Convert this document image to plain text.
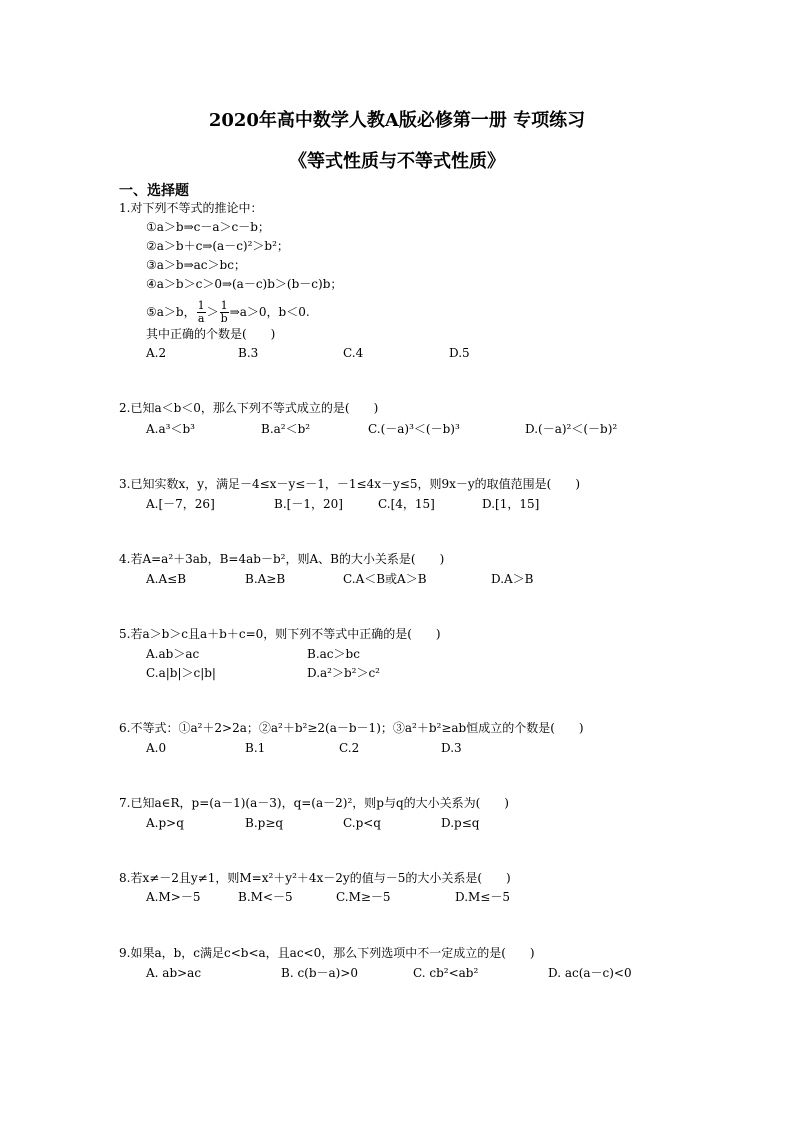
2020年高中数学人教A版必修第一册 专项练习
《等式性质与不等式性质》
一、选择题
1.对下列不等式的推论中：
①a＞b⇒c－a＞c－b；
②a＞b＋c⇒(a－c)²＞b²；
③a＞b⇒ac＞bc；
④a＞b＞c＞0⇒(a－c)b＞(b－c)b；
⑤a＞b， $\frac{1}{a} > \frac{1}{b}$ ⇒a＞0，b＜0.
其中正确的个数是(　　)
A.2	B.3	C.4	D.5
2.已知a＜b＜0，那么下列不等式成立的是(　　)
A.a³＜b³	B.a²＜b²	C.(－a)³＜(－b)³	D.(－a)²＜(－b)²
3.已知实数x，y，满足－4≤x－y≤－1，－1≤4x－y≤5，则9x－y的取值范围是(　　)
A.[－7，26]	B.[－1，20]	C.[4，15]	D.[1，15]
4.若A=a²＋3ab，B=4ab－b²，则A、B的大小关系是(　　)
A.A≤B	B.A≥B	C.A＜B或A＞B	D.A＞B
5.若a＞b＞c且a＋b＋c=0，则下列不等式中正确的是(　　)
A.ab＞ac	B.ac＞bc
C.a|b|＞c|b|	D.a²＞b²＞c²
6.不等式：①a²＋2>2a；②a²＋b²≥2(a－b－1)；③a²＋b²≥ab恒成立的个数是(　　)
A.0	B.1	C.2	D.3
7.已知a∈R，p=(a－1)(a－3)，q=(a－2)²，则p与q的大小关系为(　　)
A.p>q	B.p≥q	C.p<q	D.p≤q
8.若x≠－2且y≠1，则M=x²＋y²＋4x－2y的值与－5的大小关系是(　　)
A.M>－5	B.M<－5	C.M≥－5	D.M≤－5
9.如果a，b，c满足c<b<a，且ac<0，那么下列选项中不一定成立的是(　　)
A. ab>ac	B. c(b－a)>0	C. cb²<ab²	D. ac(a－c)<0
